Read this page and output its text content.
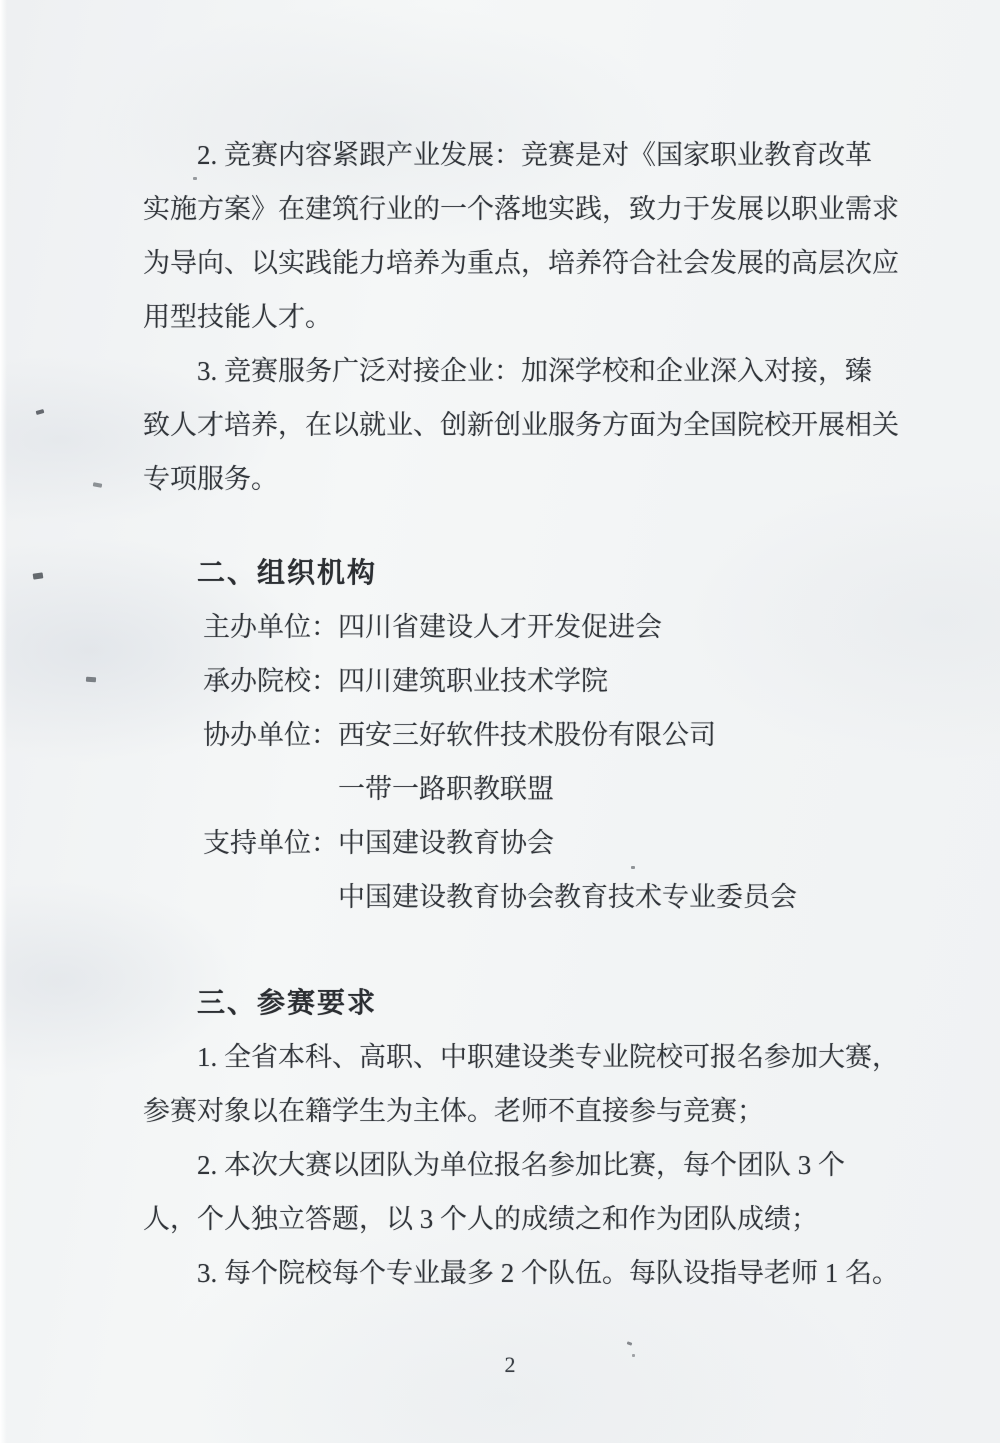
2. 竞赛内容紧跟产业发展：竞赛是对《国家职业教育改革
实施方案》在建筑行业的一个落地实践，致力于发展以职业需求
为导向、以实践能力培养为重点，培养符合社会发展的高层次应
用型技能人才。
3. 竞赛服务广泛对接企业：加深学校和企业深入对接，臻
致人才培养，在以就业、创新创业服务方面为全国院校开展相关
专项服务。
二、组织机构
主办单位：四川省建设人才开发促进会
承办院校：四川建筑职业技术学院
协办单位：西安三好软件技术股份有限公司
一带一路职教联盟
支持单位：中国建设教育协会
中国建设教育协会教育技术专业委员会
三、参赛要求
1. 全省本科、高职、中职建设类专业院校可报名参加大赛，
参赛对象以在籍学生为主体。老师不直接参与竞赛；
2. 本次大赛以团队为单位报名参加比赛，每个团队 3 个
人，个人独立答题，以 3 个人的成绩之和作为团队成绩；
3. 每个院校每个专业最多 2 个队伍。每队设指导老师 1 名。
2
